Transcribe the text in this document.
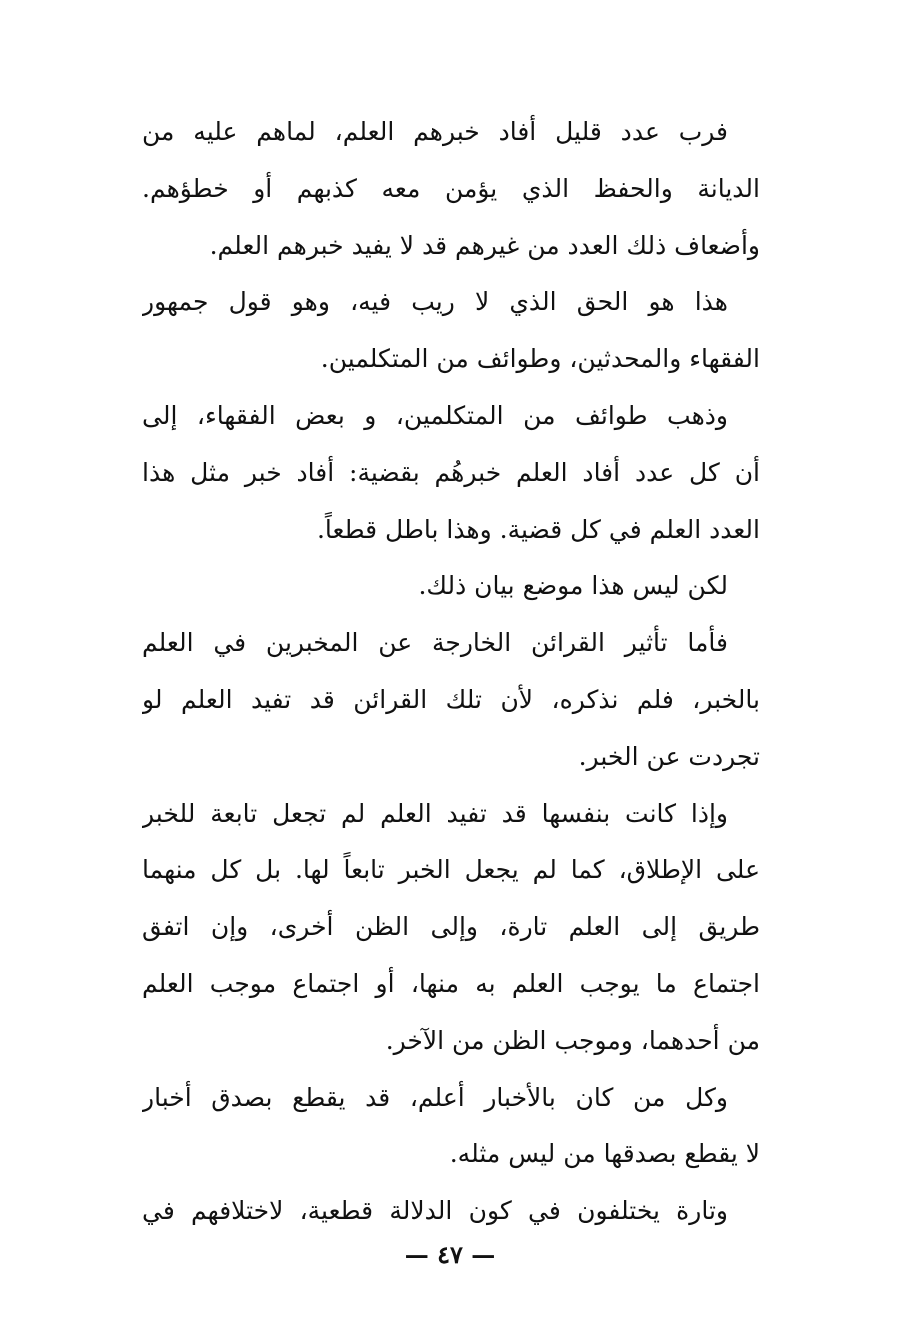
فرب عدد قليل أفاد خبرهم العلم، لماهم عليه من
الديانة والحفظ الذي يؤمن معه كذبهم أو خطؤهم.
وأضعاف ذلك العدد من غيرهم قد لا يفيد خبرهم العلم.
هذا هو الحق الذي لا ريب فيه، وهو قول جمهور
الفقهاء والمحدثين، وطوائف من المتكلمين.
وذهب طوائف من المتكلمين، و بعض الفقهاء، إلى
أن كل عدد أفاد العلم خبرهُم بقضية: أفاد خبر مثل هذا
العدد العلم في كل قضية. وهذا باطل قطعاً.
لكن ليس هذا موضع بيان ذلك.
فأما تأثير القرائن الخارجة عن المخبرين في العلم
بالخبر، فلم نذكره، لأن تلك القرائن قد تفيد العلم لو
تجردت عن الخبر.
وإذا كانت بنفسها قد تفيد العلم لم تجعل تابعة للخبر
على الإطلاق، كما لم يجعل الخبر تابعاً لها. بل كل منهما
طريق إلى العلم تارة، وإلى الظن أخرى، وإن اتفق
اجتماع ما يوجب العلم به منها، أو اجتماع موجب العلم
من أحدهما، وموجب الظن من الآخر.
وكل من كان بالأخبار أعلم، قد يقطع بصدق أخبار
لا يقطع بصدقها من ليس مثله.
وتارة يختلفون في كون الدلالة قطعية، لاختلافهم في
— ٤٧ —
